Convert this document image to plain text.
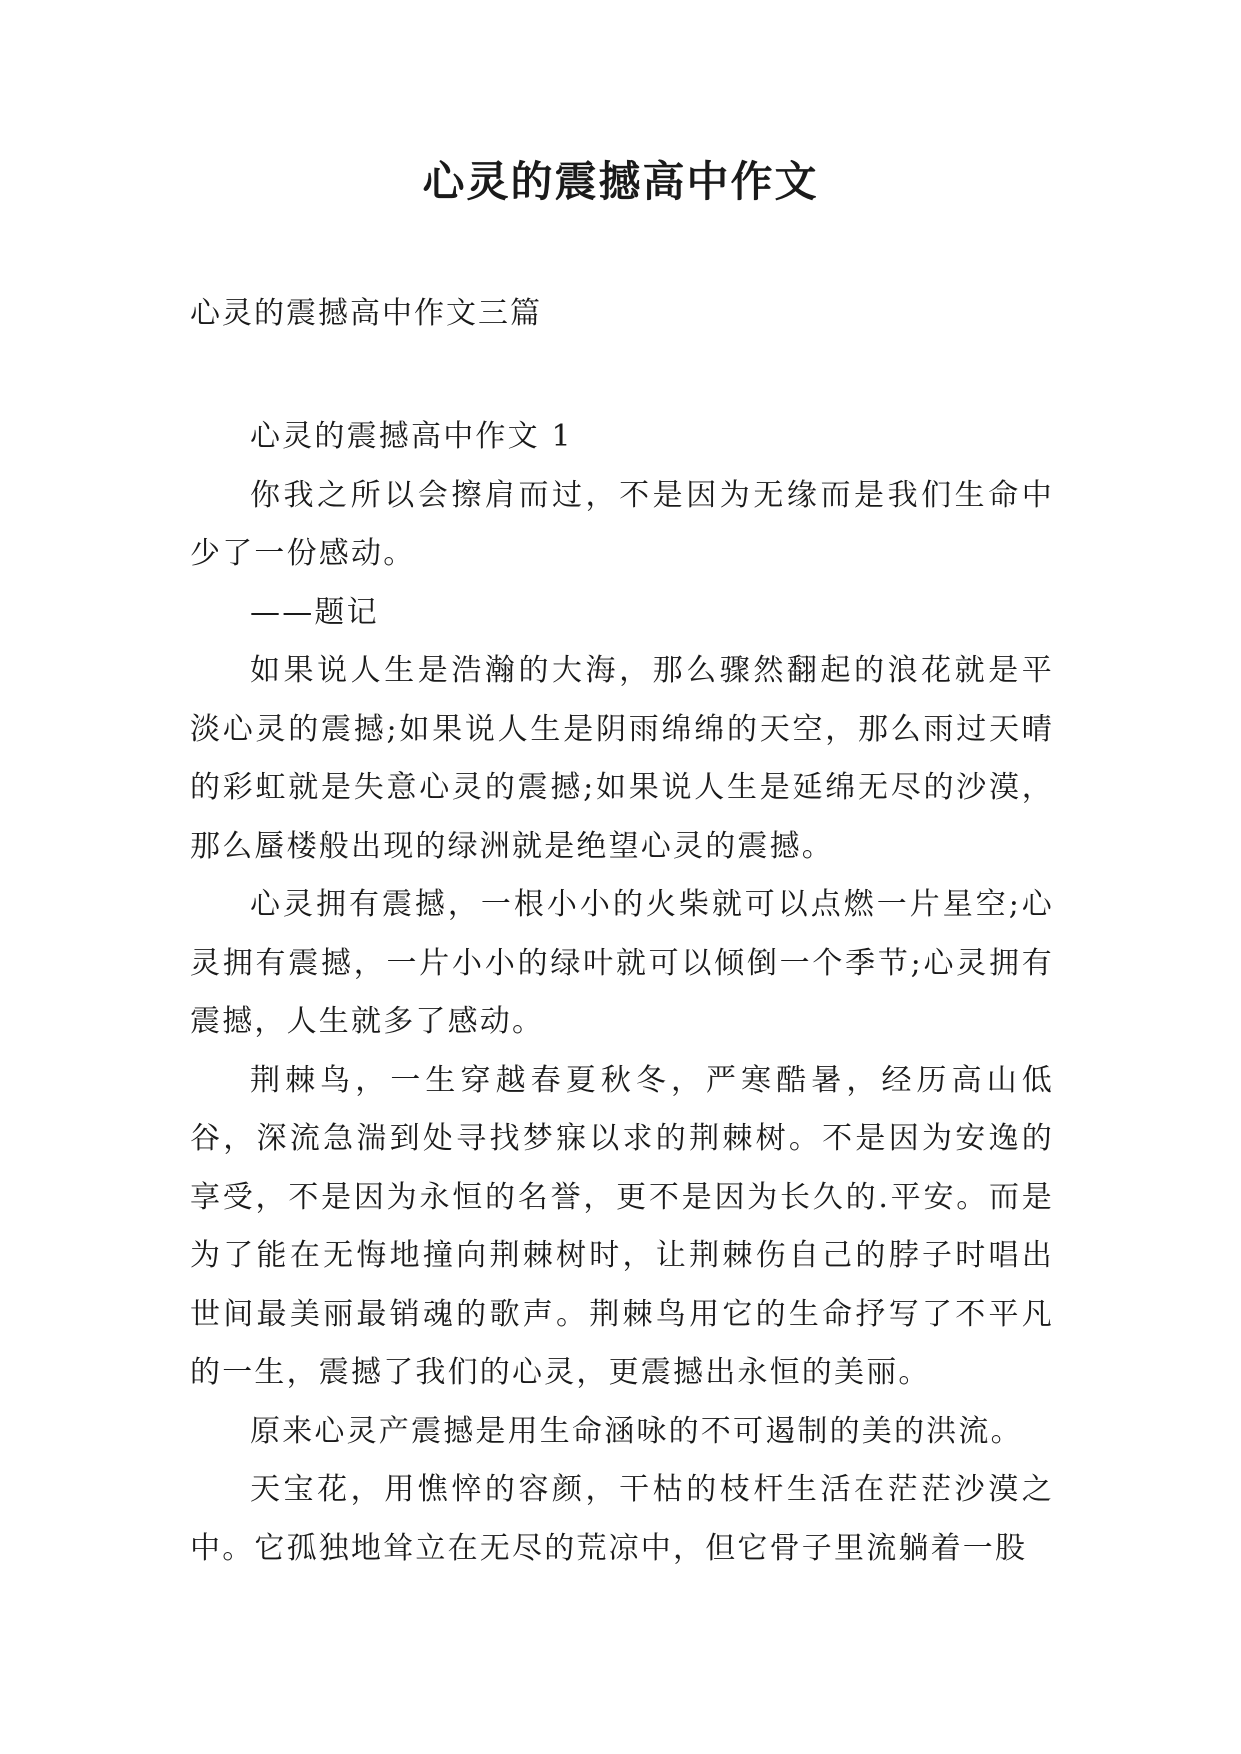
心灵的震撼高中作文
心灵的震撼高中作文三篇

心灵的震撼高中作文 1

你我之所以会擦肩而过，不是因为无缘而是我们生命中少了一份感动。

——题记

如果说人生是浩瀚的大海，那么骤然翻起的浪花就是平淡心灵的震撼;如果说人生是阴雨绵绵的天空，那么雨过天晴的彩虹就是失意心灵的震撼;如果说人生是延绵无尽的沙漠，那么蜃楼般出现的绿洲就是绝望心灵的震撼。

心灵拥有震撼，一根小小的火柴就可以点燃一片星空;心灵拥有震撼，一片小小的绿叶就可以倾倒一个季节;心灵拥有震撼，人生就多了感动。

荆棘鸟，一生穿越春夏秋冬，严寒酷暑，经历高山低谷，深流急湍到处寻找梦寐以求的荆棘树。不是因为安逸的享受，不是因为永恒的名誉，更不是因为长久的.平安。而是为了能在无悔地撞向荆棘树时，让荆棘伤自己的脖子时唱出世间最美丽最销魂的歌声。荆棘鸟用它的生命抒写了不平凡的一生，震撼了我们的心灵，更震撼出永恒的美丽。

原来心灵产震撼是用生命涵咏的不可遏制的美的洪流。

天宝花，用憔悴的容颜，干枯的枝杆生活在茫茫沙漠之中。它孤独地耸立在无尽的荒凉中，但它骨子里流躺着一股
